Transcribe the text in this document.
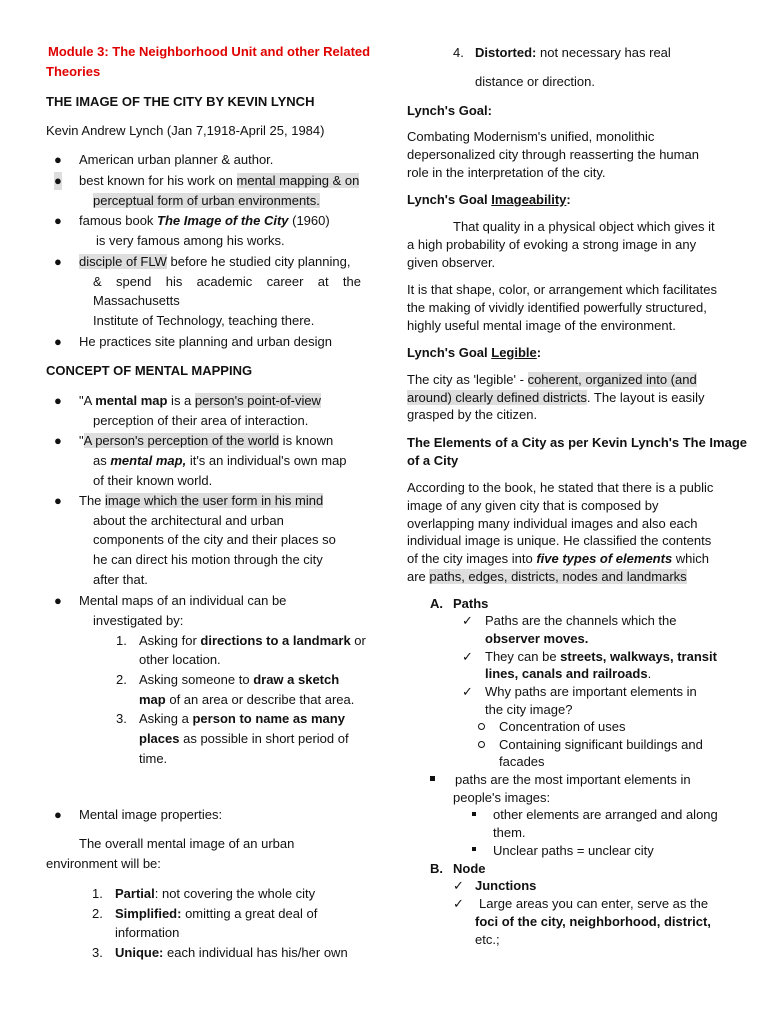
Module 3: The Neighborhood Unit and other Related
Theories
THE IMAGE OF THE CITY BY KEVIN LYNCH
Kevin Andrew Lynch (Jan 7,1918-April 25, 1984)
● American urban planner & author.
● best known for his work on mental mapping & on
perceptual form of urban environments.
● famous book The Image of the City (1960)
is very famous among his works.
● disciple of FLW before he studied city planning,
& spend his academic career at the
Massachusetts
Institute of Technology, teaching there.
● He practices site planning and urban design
CONCEPT OF MENTAL MAPPING
● "A mental map is a person's point-of-view
perception of their area of interaction.
● "A person's perception of the world is known
as mental map, it's an individual's own map
of their known world.
● The image which the user form in his mind
about the architectural and urban
components of the city and their places so
he can direct his motion through the city
after that.
● Mental maps of an individual can be
investigated by:
1. Asking for directions to a landmark or
other location.
2. Asking someone to draw a sketch
map of an area or describe that area.
3. Asking a person to name as many
places as possible in short period of
time.
● Mental image properties:
The overall mental image of an urban
environment will be:
1. Partial: not covering the whole city
2. Simplified: omitting a great deal of
information
3. Unique: each individual has his/her own
4. Distorted: not necessary has real
distance or direction.
Lynch's Goal:
Combating Modernism's unified, monolithic
depersonalized city through reasserting the human
role in the interpretation of the city.
Lynch's Goal Imageability:
That quality in a physical object which gives it
a high probability of evoking a strong image in any
given observer.
It is that shape, color, or arrangement which facilitates
the making of vividly identified powerfully structured,
highly useful mental image of the environment.
Lynch's Goal Legible:
The city as 'legible' - coherent, organized into (and
around) clearly defined districts. The layout is easily
grasped by the citizen.
The Elements of a City as per Kevin Lynch's The Image
of a City
According to the book, he stated that there is a public
image of any given city that is composed by
overlapping many individual images and also each
individual image is unique. He classified the contents
of the city images into five types of elements which
are paths, edges, districts, nodes and landmarks
A. Paths
✓ Paths are the channels which the
observer moves.
✓ They can be streets, walkways, transit
lines, canals and railroads.
✓ Why paths are important elements in
the city image?
Concentration of uses
Containing significant buildings and
facades
paths are the most important elements in
people's images:
other elements are arranged and along
them.
Unclear paths = unclear city
B. Node
✓ Junctions
✓ Large areas you can enter, serve as the
foci of the city, neighborhood, district,
etc.;
